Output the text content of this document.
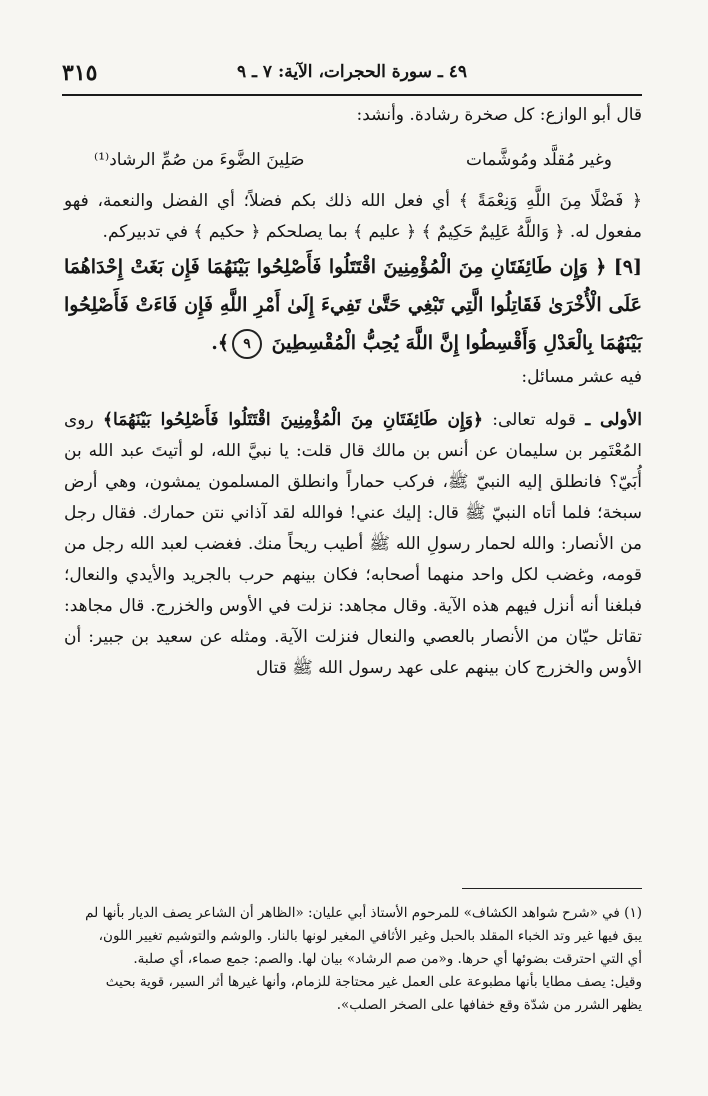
٤٩ ـ سورة الحجرات، الآية: ٧ ـ ٩
٣١٥

قال أبو الوازع: كل صخرة رشادة. وأنشد:

وغير مُقلَّد ومُوشَّمات
صَلِينَ الضَّوءَ من صُمِّ الرشاد⁽¹⁾

﴿ فَضْلًا مِنَ اللَّهِ وَنِعْمَةً ﴾ أي فعل الله ذلك بكم فضلاً؛ أي الفضل والنعمة، فهو مفعول له. ﴿ وَاللَّهُ عَلِيمٌ حَكِيمٌ ﴾ ﴿ عليم ﴾ بما يصلحكم ﴿ حكيم ﴾ في تدبيركم.

[٩] ﴿ وَإِن طَائِفَتَانِ مِنَ الْمُؤْمِنِينَ اقْتَتَلُوا فَأَصْلِحُوا بَيْنَهُمَا فَإِن بَغَتْ إِحْدَاهُمَا عَلَى الْأُخْرَىٰ فَقَاتِلُوا الَّتِي تَبْغِي حَتَّىٰ تَفِيءَ إِلَىٰ أَمْرِ اللَّهِ فَإِن فَاءَتْ فَأَصْلِحُوا بَيْنَهُمَا بِالْعَدْلِ وَأَقْسِطُوا إِنَّ اللَّهَ يُحِبُّ الْمُقْسِطِينَ ٩﴾.

فيه عشر مسائل:

الأولى ـ قوله تعالى: ﴿وَإِن طَائِفَتَانِ مِنَ الْمُؤْمِنِينَ اقْتَتَلُوا فَأَصْلِحُوا بَيْنَهُمَا﴾ روى المُعْتَمِر بن سليمان عن أنس بن مالك قال قلت: يا نبيَّ الله، لو أتيتَ عبد الله بن أُبَيّ؟ فانطلق إليه النبيّ ﷺ، فركب حماراً وانطلق المسلمون يمشون، وهي أرض سبخة؛ فلما أتاه النبيّ ﷺ قال: إليك عني! فوالله لقد آذاني نتن حمارك. فقال رجل من الأنصار: والله لحمار رسولِ الله ﷺ أطيب ريحاً منك. فغضب لعبد الله رجل من قومه، وغضب لكل واحد منهما أصحابه؛ فكان بينهم حرب بالجريد والأيدي والنعال؛ فبلغنا أنه أنزل فيهم هذه الآية. وقال مجاهد: نزلت في الأوس والخزرج. قال مجاهد: تقاتل حيّان من الأنصار بالعصي والنعال فنزلت الآية. ومثله عن سعيد بن جبير: أن الأوس والخزرج كان بينهم على عهد رسول الله ﷺ قتال

(١) في «شرح شواهد الكشاف» للمرحوم الأستاذ أبي عليان: «الظاهر أن الشاعر يصف الديار بأنها لم

يبق فيها غير وتد الخباء المقلد بالحبل وغير الأثافي المغير لونها بالنار. والوشم والتوشيم تغيير اللون،

أي التي احترقت بضوئها أي حرها. و«من صم الرشاد» بيان لها. والصم: جمع صماء، أي صلبة.

وقيل: يصف مطايا بأنها مطبوعة على العمل غير محتاجة للزمام، وأنها غيرها أثر السير، قوية بحيث

يظهر الشرر من شدّة وقع خفافها على الصخر الصلب».
